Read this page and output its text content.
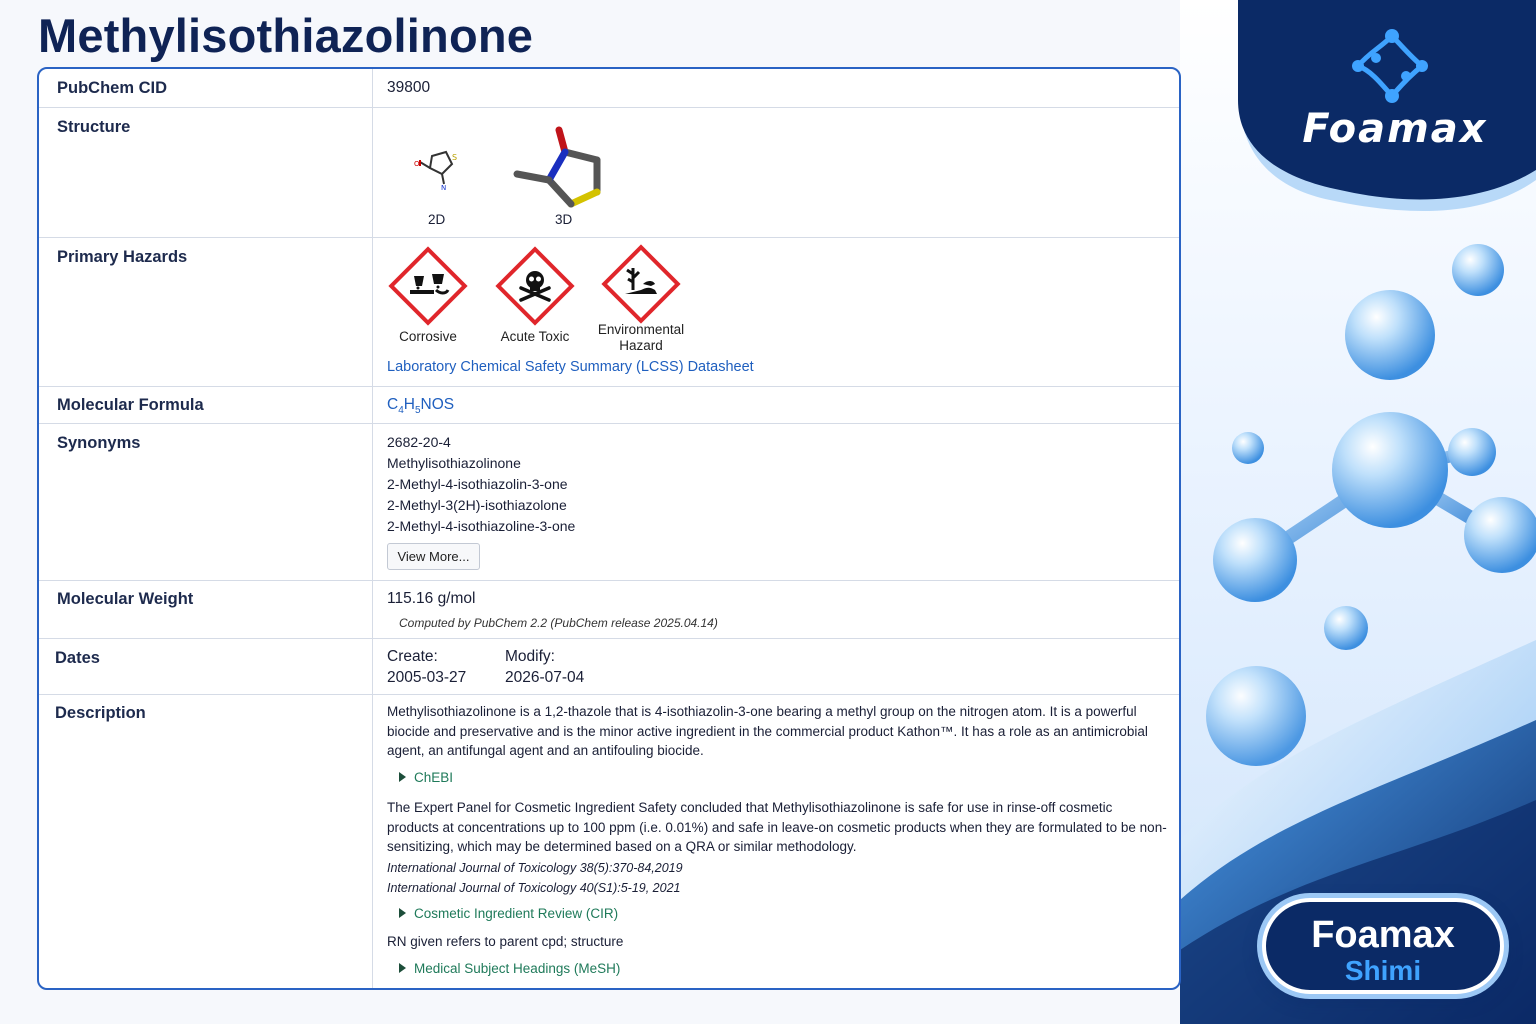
Foamax
Foamax
Shimi
Methylisothiazolinone
PubChem CID	39800
Structure
S
N
O
2D	3D
Primary Hazards
Corrosive	Acute Toxic	Environmental Hazard
Laboratory Chemical Safety Summary (LCSS) Datasheet
Molecular Formula	$C_4H_5NOS$
Synonyms	2682-20-4
Methylisothiazolinone
2-Methyl-4-isothiazolin-3-one
2-Methyl-3(2H)-isothiazolone
2-Methyl-4-isothiazoline-3-one
View More...
Molecular Weight	115.16 g/mol
Computed by PubChem 2.2 (PubChem release 2025.04.14)
Dates	Create:
2005-03-27
Modify:
2026-07-04
Description	Methylisothiazolinone is a 1,2-thazole that is 4-isothiazolin-3-one bearing a methyl group on the nitrogen atom. It is a powerful biocide and preservative and is the minor active ingredient in the commercial product Kathon™. It has a role as an antimicrobial agent, an antifungal agent and an antifouling biocide.

ChEBI

The Expert Panel for Cosmetic Ingredient Safety concluded that Methylisothiazolinone is safe for use in rinse-off cosmetic products at concentrations up to 100 ppm (i.e. 0.01%) and safe in leave-on cosmetic products when they are formulated to be non-sensitizing, which may be determined based on a QRA or similar methodology.

International Journal of Toxicology 38(5):370-84,2019
International Journal of Toxicology 40(S1):5-19, 2021
Cosmetic Ingredient Review (CIR)
RN given refers to parent cpd; structure
Medical Subject Headings (MeSH)
